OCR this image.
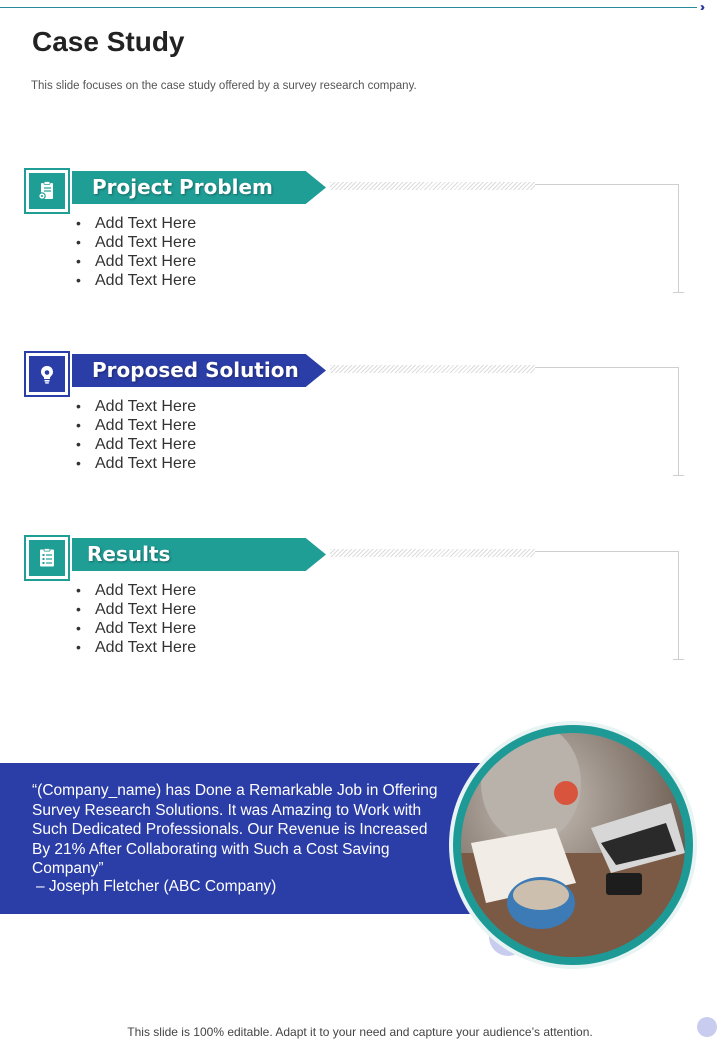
››
Case Study
This slide focuses on the case study offered by a survey research company.
Project Problem
• Add Text Here
• Add Text Here
• Add Text Here
• Add Text Here
Proposed Solution
• Add Text Here
• Add Text Here
• Add Text Here
• Add Text Here
Results
• Add Text Here
• Add Text Here
• Add Text Here
• Add Text Here
“(Company_name) has Done a Remarkable Job in Offering Survey Research Solutions. It was Amazing to Work with Such Dedicated Professionals. Our Revenue is Increased By 21% After Collaborating with Such a Cost Saving Company”
– Joseph Fletcher (ABC Company)
This slide is 100% editable. Adapt it to your need and capture your audience’s attention.
